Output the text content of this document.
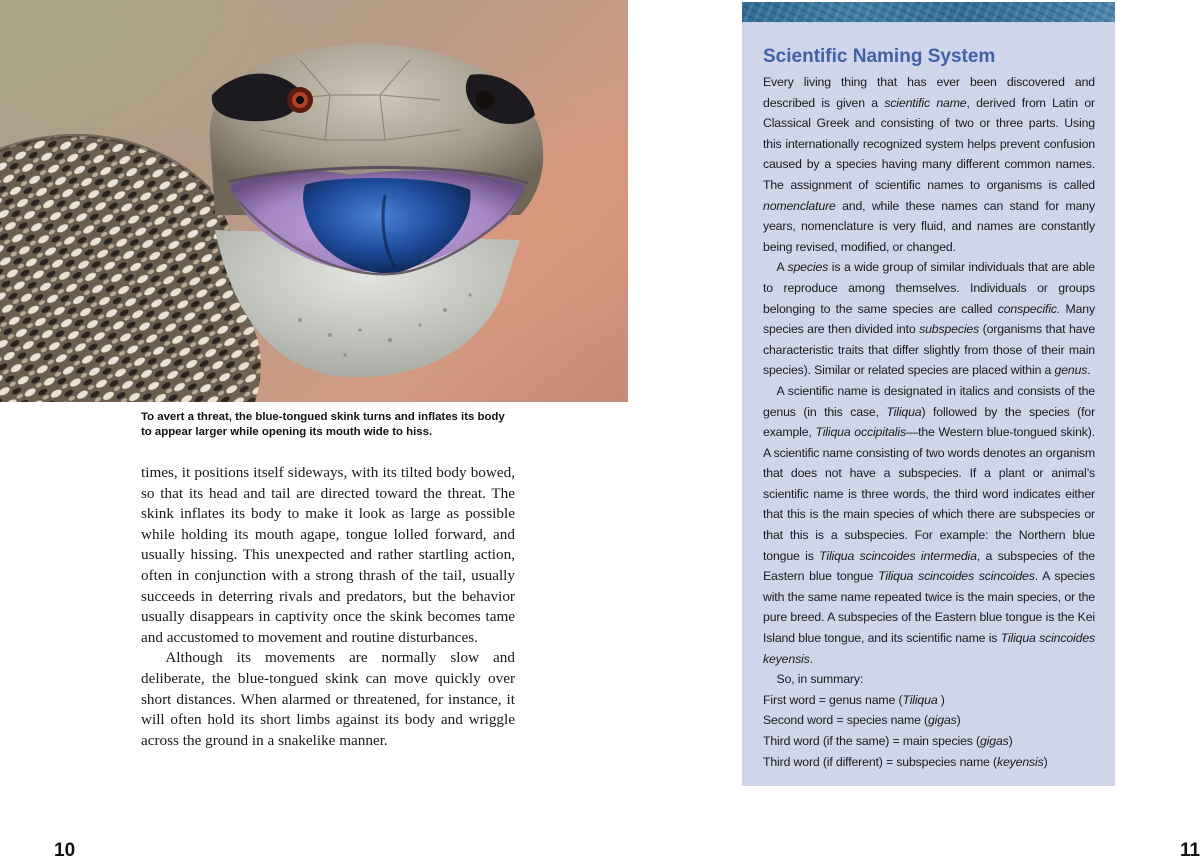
To avert a threat, the blue-tongued skink turns and inflates its body
to appear larger while opening its mouth wide to hiss.

times, it positions itself sideways, with its tilted body bowed, so that its head and tail are directed toward the threat. The skink inflates its body to make it look as large as possible while holding its mouth agape, tongue lolled forward, and usually hissing. This unexpected and rather startling action, often in conjunction with a strong thrash of the tail, usually succeeds in deterring rivals and predators, but the behavior usually disappears in captivity once the skink becomes tame and accustomed to movement and routine disturbances.

Although its movements are normally slow and deliberate, the blue-tongued skink can move quickly over short distances. When alarmed or threatened, for instance, it will often hold its short limbs against its body and wriggle across the ground in a snakelike manner.

10
Scientific Naming System

Every living thing that has ever been discovered and described is given a scientific name, derived from Latin or Classical Greek and consisting of two or three parts. Using this internationally recognized system helps prevent confusion caused by a species having many different common names. The assignment of scientific names to organisms is called nomenclature and, while these names can stand for many years, nomenclature is very fluid, and names are constantly being revised, modified, or changed.

A species is a wide group of similar individuals that are able to reproduce among themselves. Individuals or groups belonging to the same species are called conspecific. Many species are then divided into subspecies (organisms that have characteristic traits that differ slightly from those of their main species). Similar or related species are placed within a genus.

A scientific name is designated in italics and consists of the genus (in this case, Tiliqua) followed by the species (for example, Tiliqua occipitalis—the Western blue-tongued skink). A scientific name consisting of two words denotes an organism that does not have a subspecies. If a plant or animal’s scientific name is three words, the third word indicates either that this is the main species of which there are subspecies or that this is a subspecies. For example: the Northern blue tongue is Tiliqua scincoides intermedia, a subspecies of the Eastern blue tongue Tiliqua scincoides scincoides. A species with the same name repeated twice is the main species, or the pure breed. A subspecies of the Eastern blue tongue is the Kei Island blue tongue, and its scientific name is Tiliqua scincoides keyensis.

So, in summary:

First word = genus name (Tiliqua )

Second word = species name (gigas)

Third word (if the same) = main species (gigas)

Third word (if different) = subspecies name (keyensis)

11
